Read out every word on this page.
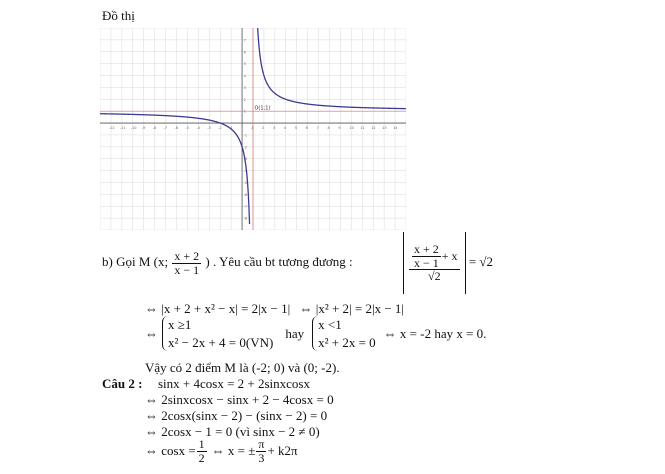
Đồ thị
-12 -11 -10 -9 -8 -7 -6 -5 -4 -3 -2 -1	1 2 3 4 5 6 7 8 9 10 11 12 13 14
-8
-7
-6
-5
-4
-3
-2
-1
1
2
3
4
5
6
7
O(1;1)
b) Gọi M (x; $\frac{x + 2}{x - 1}$ ) . Yêu cầu bt tương đương :	$\frac{\frac{x + 2}{x - 1} + x}{√2} = √2$
⇔ |x + 2 + x² − x| = 2|x − 1| ⇔ |x² + 2| = 2|x − 1|
⇔
x ≥1
x² − 2x + 4 = 0(VN)
hay
x <1
x² + 2x = 0
⇔ x = -2 hay x = 0.
Vậy có 2 điểm M là (-2; 0) và (0; -2).
Câu 2 : sinx + 4cosx = 2 + 2sinxcosx
⇔ 2sinxcosx − sinx + 2 − 4cosx = 0
⇔ 2cosx(sinx − 2) − (sinx − 2) = 0
⇔ 2cosx − 1 = 0 (vì sinx − 2 ≠ 0)
⇔ $\cos x = \frac{1}{2}$ ⇔ x = ± $\frac{\pi}{3} + k2\pi$
